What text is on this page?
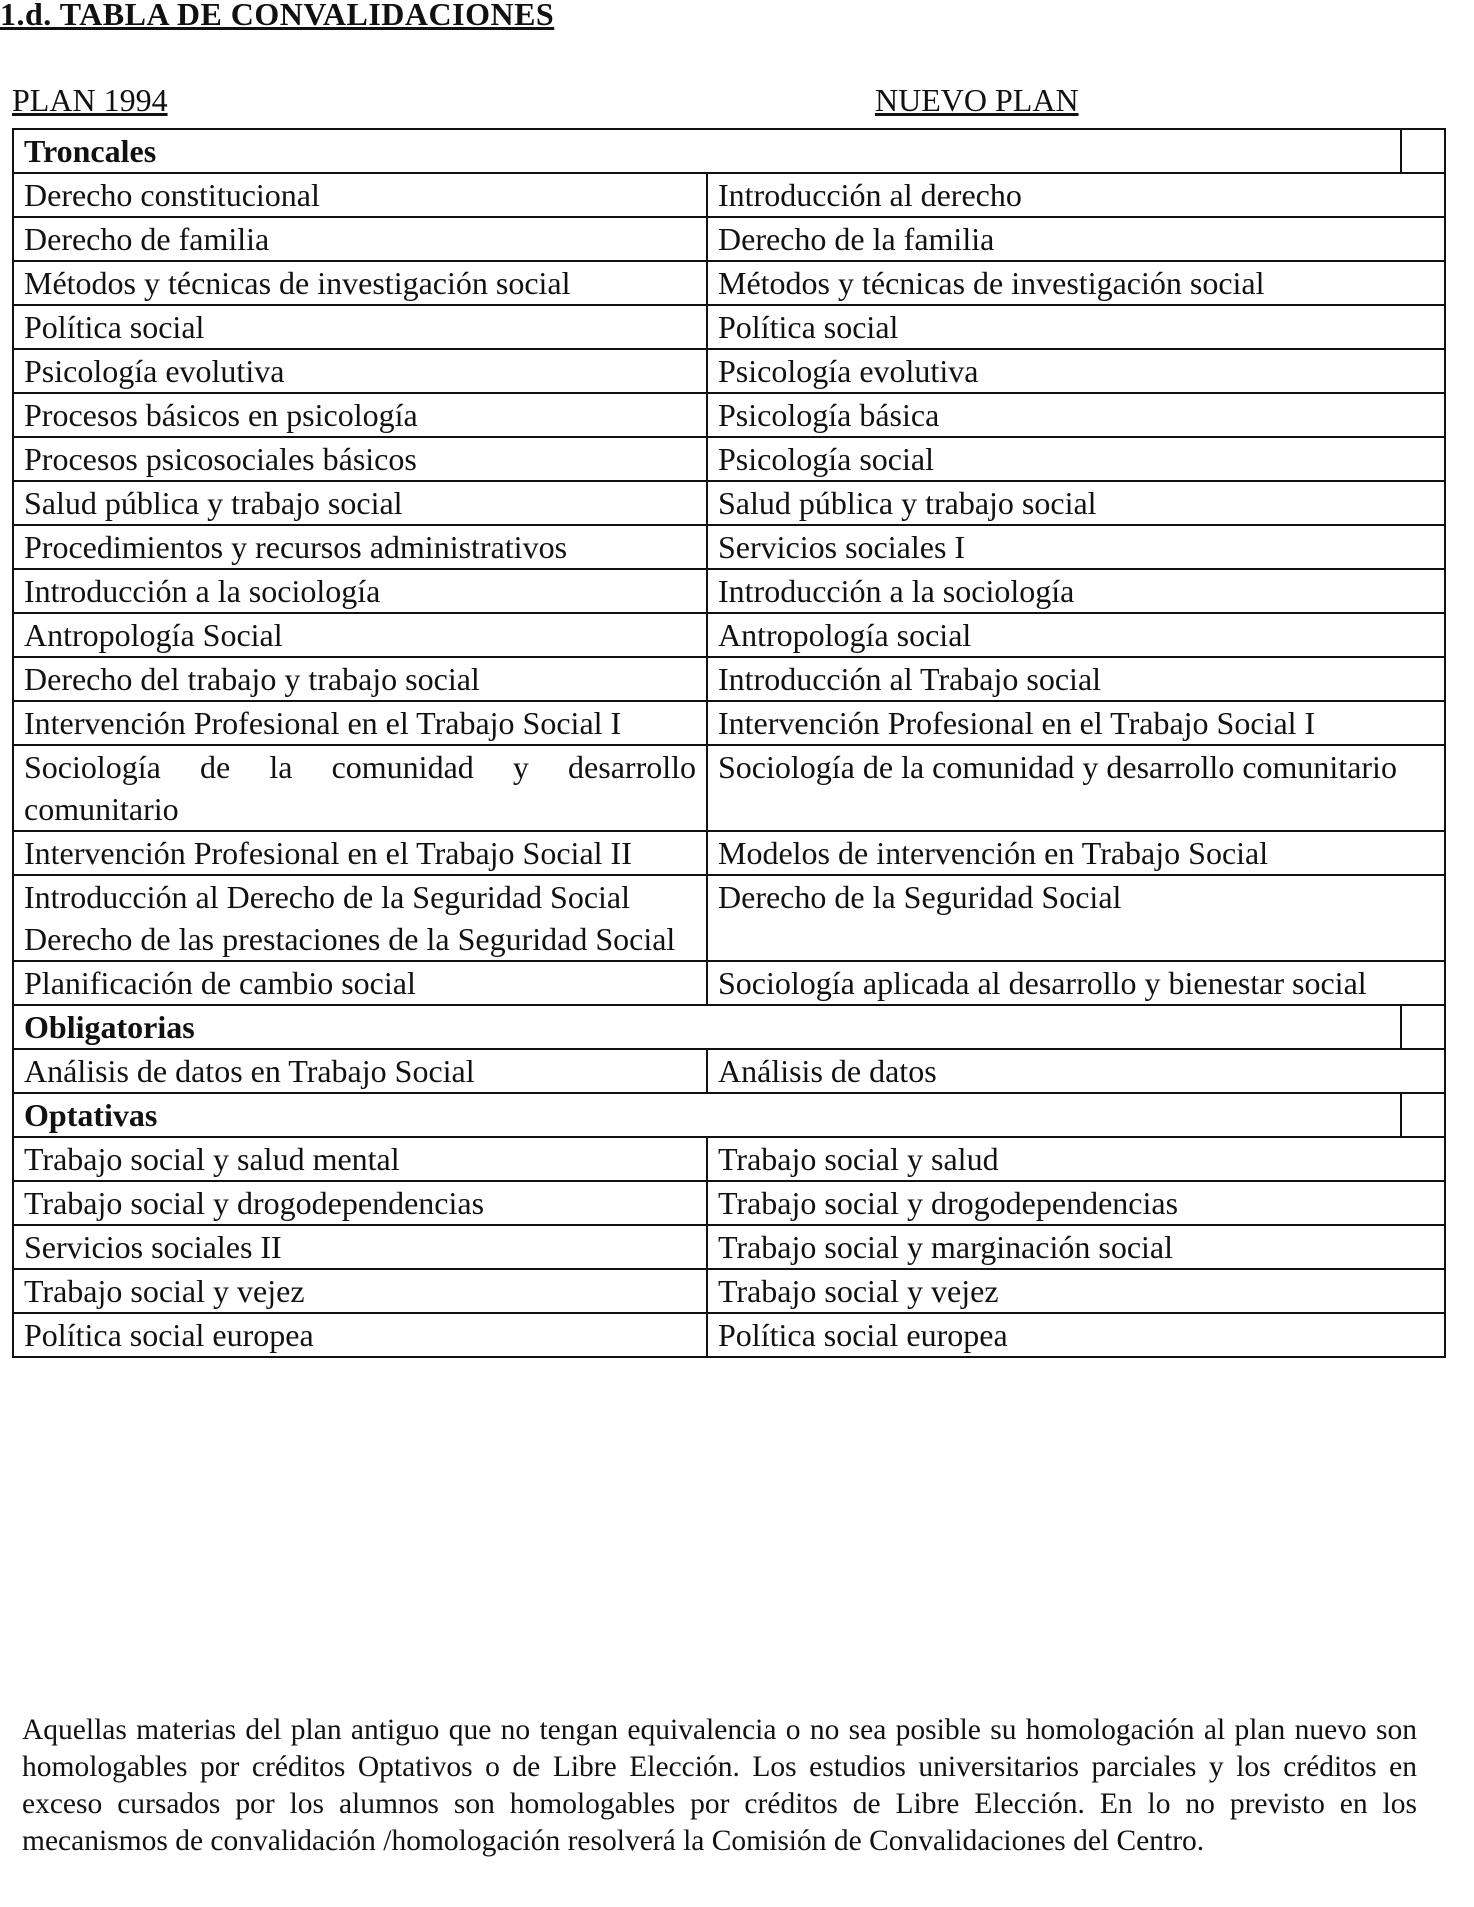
1.d. TABLA DE CONVALIDACIONES
PLAN 1994	NUEVO PLAN
Troncales		
Derecho constitucional	Introducción al derecho	
Derecho de familia	Derecho de la familia	
Métodos y técnicas de investigación social	Métodos y técnicas de investigación social	
Política social	Política social	
Psicología evolutiva	Psicología evolutiva	
Procesos básicos en psicología	Psicología básica	
Procesos psicosociales básicos	Psicología social	
Salud pública y trabajo social	Salud pública y trabajo social	
Procedimientos y recursos administrativos	Servicios sociales I	
Introducción a la sociología	Introducción a la sociología	
Antropología Social	Antropología social	
Derecho del trabajo y trabajo social	Introducción al Trabajo social	
Intervención Profesional en el Trabajo Social I	Intervención Profesional en el Trabajo Social I	
Sociología de la comunidad y desarrollo comunitario	Sociología de la comunidad y desarrollo comunitario	
Intervención Profesional en el Trabajo Social II	Modelos de intervención en Trabajo Social	

Introducción al Derecho de la Seguridad Social
Derecho de las prestaciones de la Seguridad Social	Derecho de la Seguridad Social	
Planificación de cambio social	Sociología aplicada al desarrollo y bienestar social	
Obligatorias		
Análisis de datos en Trabajo Social	Análisis de datos	
Optativas		
Trabajo social y salud mental	Trabajo social y salud	
Trabajo social y drogodependencias	Trabajo social y drogodependencias	
Servicios sociales II	Trabajo social y marginación social	
Trabajo social y vejez	Trabajo social y vejez	
Política social europea	Política social europea	

Aquellas materias del plan antiguo que no tengan equivalencia o no sea posible su homologación al plan nuevo son homologables por créditos Optativos o de Libre Elección. Los estudios universitarios parciales y los créditos en exceso cursados por los alumnos son homologables por créditos de Libre Elección. En lo no previsto en los mecanismos de convalidación /homologación resolverá la Comisión de Convalidaciones del Centro.
